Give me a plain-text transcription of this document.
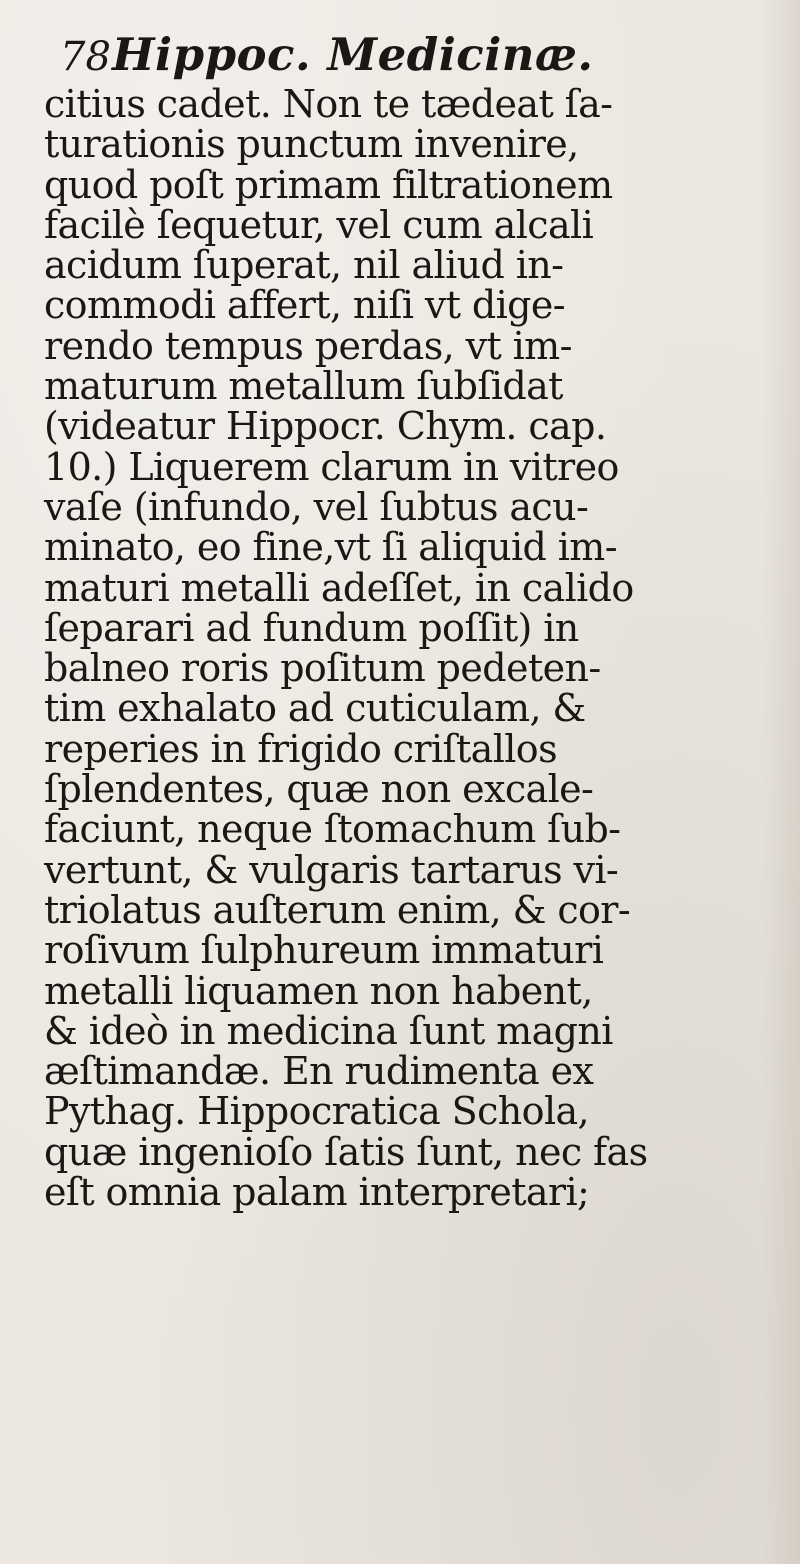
78 Hippoc. Medicinæ.
citius cadet. Non te tædeat ſa-
turationis punctum invenire,
quod poſt primam filtrationem
facilè ſequetur, vel cum alcali
acidum ſuperat, nil aliud in-
commodi affert, niſi vt dige-
rendo tempus perdas, vt im-
maturum metallum ſubſidat
(videatur Hippocr. Chym. cap.
10.) Liquerem clarum in vitreo
vaſe (infundo, vel ſubtus acu-
minato, eo fine,vt ſi aliquid im-
maturi metalli adeſſet, in calido
ſeparari ad fundum poſſit) in
balneo roris poſitum pedeten-
tim exhalato ad cuticulam, &
reperies in frigido criſtallos
ſplendentes, quæ non excale-
faciunt, neque ſtomachum ſub-
vertunt, & vulgaris tartarus vi-
triolatus auſterum enim, & cor-
roſivum ſulphureum immaturi
metalli liquamen non habent,
& ideò in medicina ſunt magni
æſtimandæ. En rudimenta ex
Pythag. Hippocratica Schola,
quæ ingenioſo ſatis ſunt, nec fas
eſt omnia palam interpretari;
